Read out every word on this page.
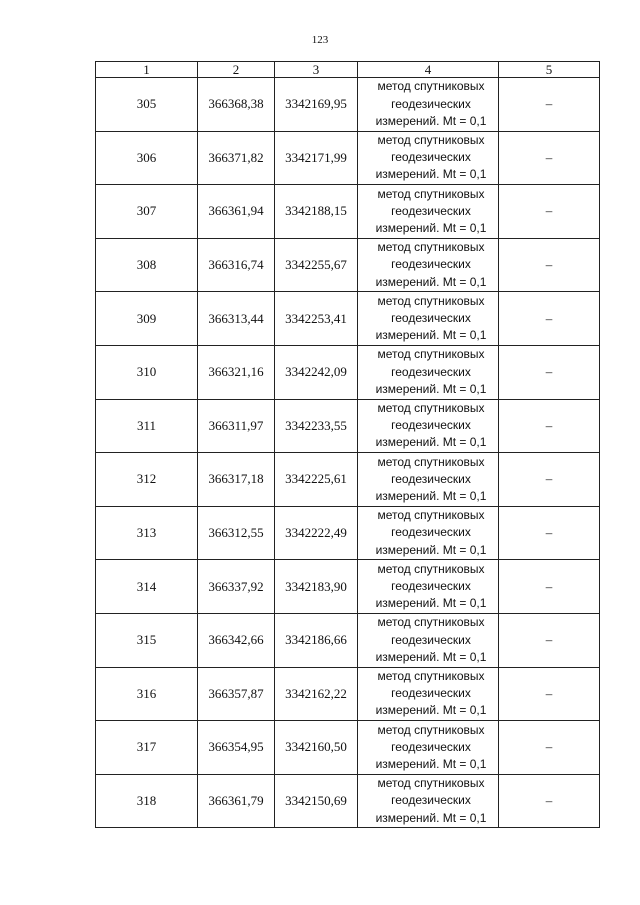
123
1	2	3	4	5
305	366368,38	3342169,95	метод спутниковых
геодезических
измерений. Mt = 0,1	–
306	366371,82	3342171,99	метод спутниковых
геодезических
измерений. Mt = 0,1	–
307	366361,94	3342188,15	метод спутниковых
геодезических
измерений. Mt = 0,1	–
308	366316,74	3342255,67	метод спутниковых
геодезических
измерений. Mt = 0,1	–
309	366313,44	3342253,41	метод спутниковых
геодезических
измерений. Mt = 0,1	–
310	366321,16	3342242,09	метод спутниковых
геодезических
измерений. Mt = 0,1	–
311	366311,97	3342233,55	метод спутниковых
геодезических
измерений. Mt = 0,1	–
312	366317,18	3342225,61	метод спутниковых
геодезических
измерений. Mt = 0,1	–
313	366312,55	3342222,49	метод спутниковых
геодезических
измерений. Mt = 0,1	–
314	366337,92	3342183,90	метод спутниковых
геодезических
измерений. Mt = 0,1	–
315	366342,66	3342186,66	метод спутниковых
геодезических
измерений. Mt = 0,1	–
316	366357,87	3342162,22	метод спутниковых
геодезических
измерений. Mt = 0,1	–
317	366354,95	3342160,50	метод спутниковых
геодезических
измерений. Mt = 0,1	–
318	366361,79	3342150,69	метод спутниковых
геодезических
измерений. Mt = 0,1	–
